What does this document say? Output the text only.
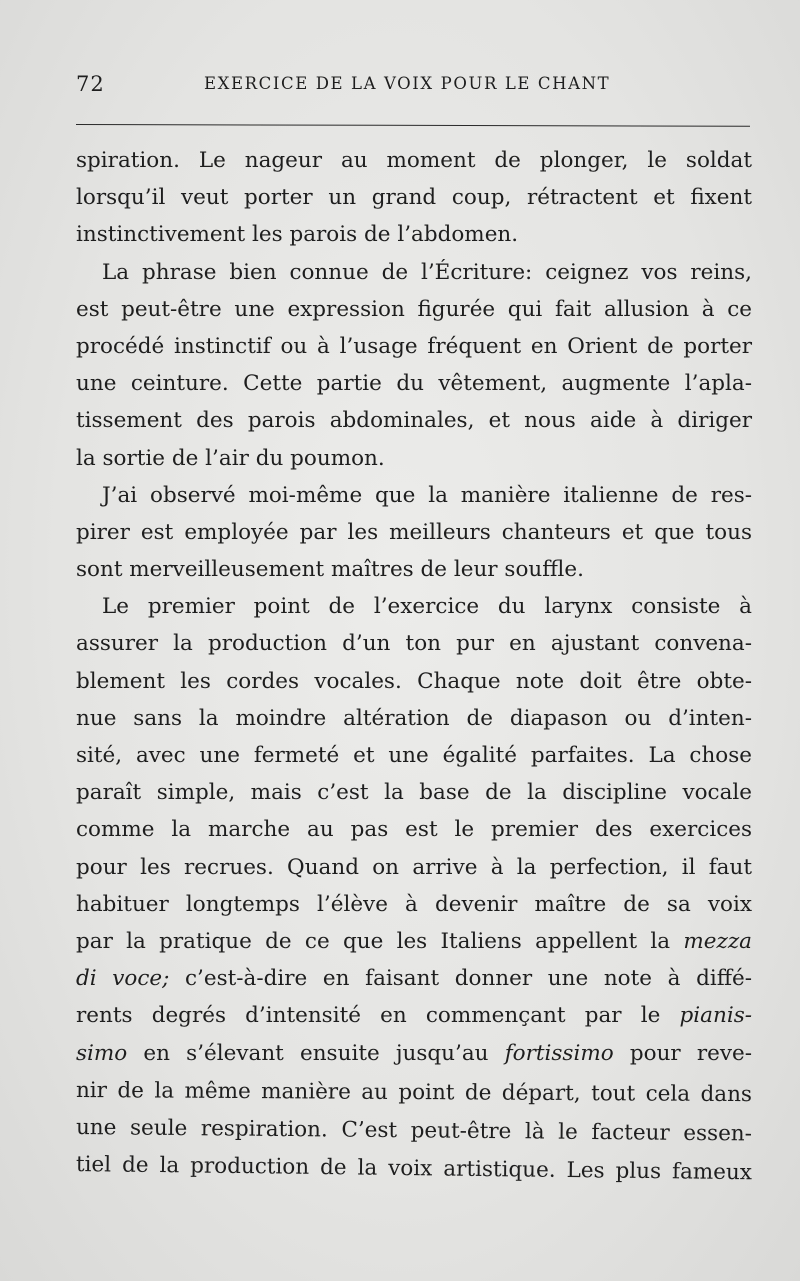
72	EXERCICE DE LA VOIX POUR LE CHANT
spiration. Le nageur au moment de plonger, le soldat
lorsqu’il veut porter un grand coup, rétractent et fixent
instinctivement les parois de l’abdomen.
La phrase bien connue de l’Écriture: ceignez vos reins,
est peut-être une expression figurée qui fait allusion à ce
procédé instinctif ou à l’usage fréquent en Orient de porter
une ceinture. Cette partie du vêtement, augmente l’apla-
tissement des parois abdominales, et nous aide à diriger
la sortie de l’air du poumon.
J’ai observé moi-même que la manière italienne de res-
pirer est employée par les meilleurs chanteurs et que tous
sont merveilleusement maîtres de leur souffle.
Le premier point de l’exercice du larynx consiste à
assurer la production d’un ton pur en ajustant convena-
blement les cordes vocales. Chaque note doit être obte-
nue sans la moindre altération de diapason ou d’inten-
sité, avec une fermeté et une égalité parfaites. La chose
paraît simple, mais c’est la base de la discipline vocale
comme la marche au pas est le premier des exercices
pour les recrues. Quand on arrive à la perfection, il faut
habituer longtemps l’élève à devenir maître de sa voix
par la pratique de ce que les Italiens appellent la mezza
di voce; c’est-à-dire en faisant donner une note à diffé-
rents degrés d’intensité en commençant par le pianis-
simo en s’élevant ensuite jusqu’au fortissimo pour reve-
nir de la même manière au point de départ, tout cela dans
une seule respiration. C’est peut-être là le facteur essen-
tiel de la production de la voix artistique. Les plus fameux
